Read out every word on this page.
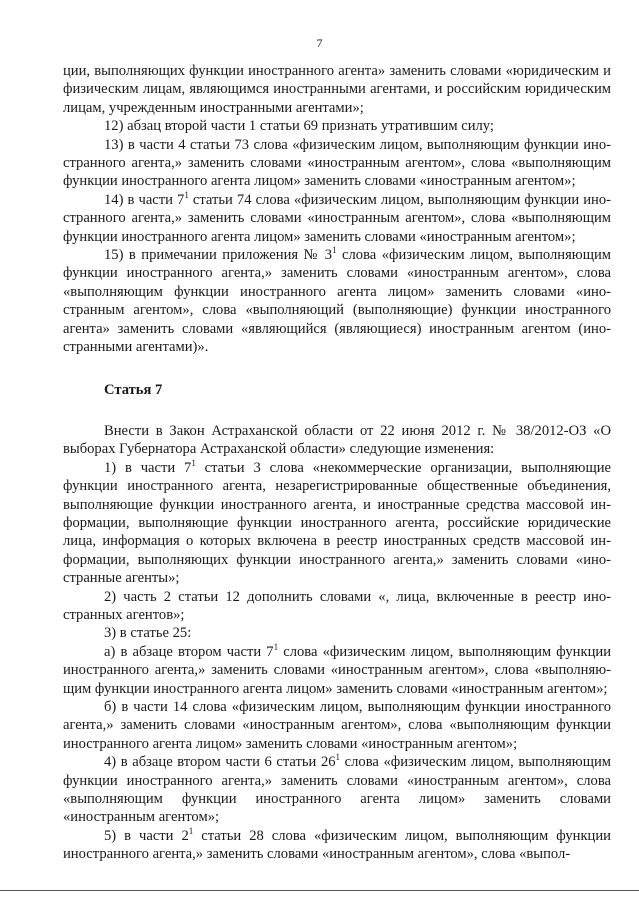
7

ции, выполняющих функции иностранного агента» заменить словами «юридическим и физическим лицам, являющимся иностранными агентами, и российским юридическим лицам, учрежденным иностранными агентами»;

12) абзац второй части 1 статьи 69 признать утратившим силу;

13) в части 4 статьи 73 слова «физическим лицом, выполняющим функции иностранного агента,» заменить словами «иностранным агентом», слова «выполняющим функции иностранного агента лицом» заменить словами «иностранным агентом»;

14) в части $7^1$ статьи 74 слова «физическим лицом, выполняющим функции иностранного агента,» заменить словами «иностранным агентом», слова «выполняющим функции иностранного агента лицом» заменить словами «иностранным агентом»;

15) в примечании приложения № $3^1$ слова «физическим лицом, выполняющим функции иностранного агента,» заменить словами «иностранным агентом», слова «выполняющим функции иностранного агента лицом» заменить словами «иностранным агентом», слова «выполняющий (выполняющие) функции иностранного агента» заменить словами «являющийся (являющиеся) иностранным агентом (иностранными агентами)».

Статья 7

Внести в Закон Астраханской области от 22 июня 2012 г. № 38/2012-ОЗ «О выборах Губернатора Астраханской области» следующие изменения:

1) в части $7^1$ статьи 3 слова «некоммерческие организации, выполняющие функции иностранного агента, незарегистрированные общественные объединения, выполняющие функции иностранного агента, и иностранные средства массовой информации, выполняющие функции иностранного агента, российские юридические лица, информация о которых включена в реестр иностранных средств массовой информации, выполняющих функции иностранного агента,» заменить словами «иностранные агенты»;

2) часть 2 статьи 12 дополнить словами «, лица, включенные в реестр иностранных агентов»;

3) в статье 25:

а) в абзаце втором части $7^1$ слова «физическим лицом, выполняющим функции иностранного агента,» заменить словами «иностранным агентом», слова «выполняющим функции иностранного агента лицом» заменить словами «иностранным агентом»;

б) в части 14 слова «физическим лицом, выполняющим функции иностранного агента,» заменить словами «иностранным агентом», слова «выполняющим функции иностранного агента лицом» заменить словами «иностранным агентом»;

4) в абзаце втором части 6 статьи $26^1$ слова «физическим лицом, выполняющим функции иностранного агента,» заменить словами «иностранным агентом», слова «выполняющим функции иностранного агента лицом» заменить словами «иностранным агентом»;

5) в части $2^1$ статьи 28 слова «физическим лицом, выполняющим функции иностранного агента,» заменить словами «иностранным агентом», слова «выпол-
